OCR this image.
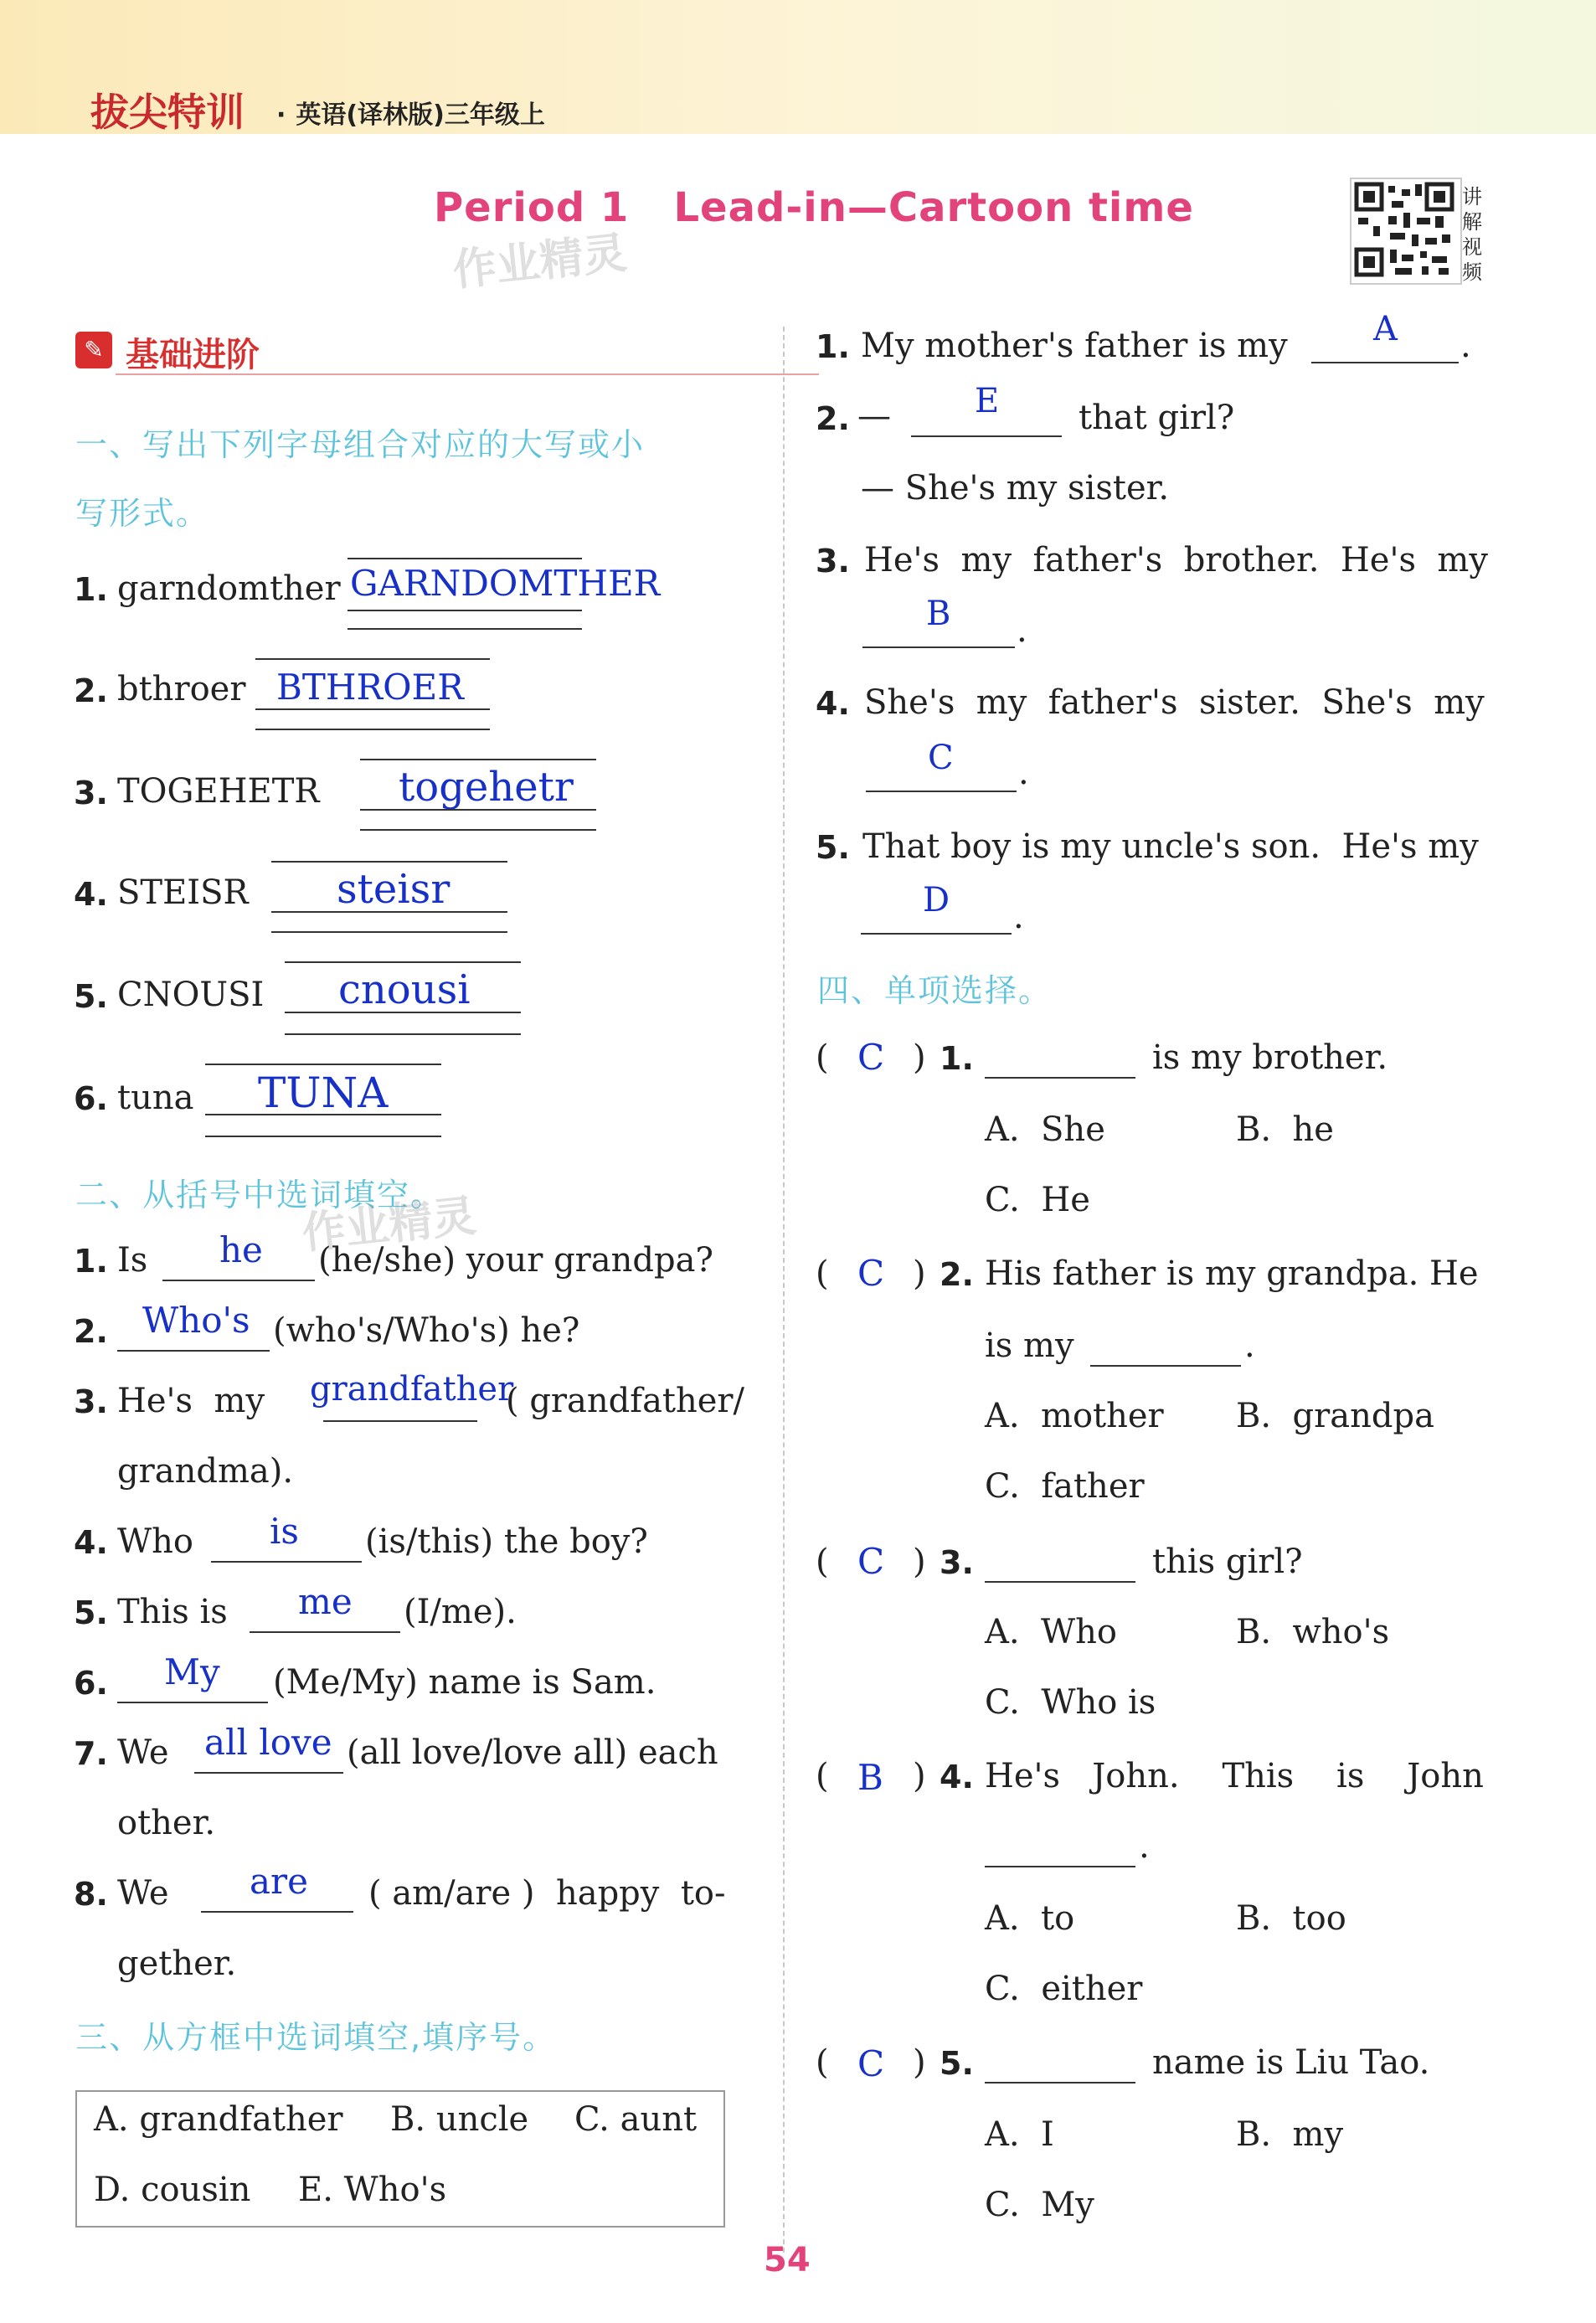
拔尖特训 · 英语(译林版)三年级上
Period 1   Lead-in—Cartoon time
作业精灵
讲
解
视
频
✎ 基础进阶
一、写出下列字母组合对应的大写或小
写形式。
1. garndomther GARNDOMTHER
2. bthroer BTHROER
3. TOGEHETR togehetr
4. STEISR steisr
5. CNOUSI cnousi
6. tuna TUNA
二、从括号中选词填空。
作业精灵
1. Is he (he/she) your grandpa?
2. Who's (who's/Who's) he?
3. He's  my grandfather
( grandfather/
grandma).
4. Who is (is/this) the boy?
5. This is me (I/me).
6. My (Me/My) name is Sam.
7. We all love (all love/love all) each
other.
8. We are ( am/are )  happy  to-
gether.
三、从方框中选词填空,填序号。
A. grandfather B. uncle C. aunt
D. cousin E. Who's
1. My mother's father is my	A .
2. —	E that girl?
— She's my sister.
3. He's  my  father's  brother.  He's  my
B .
4. She's  my  father's  sister.  She's  my
C .
5. That boy is my uncle's son.  He's my
D .
四、单项选择。
( C ) 1.	is my brother.
A.  She	B.  he
C.  He
( C ) 2. His father is my grandpa. He
is my	.
A.  mother B.  grandpa
C.  father
( C ) 3.	this girl?
A.  Who	B.  who's
C.  Who is
( B ) 4. He's   John.    This    is    John
.
A.  to	B.  too
C.  either
( C ) 5.	name is Liu Tao.
A.  I	B.  my
C.  My
54
